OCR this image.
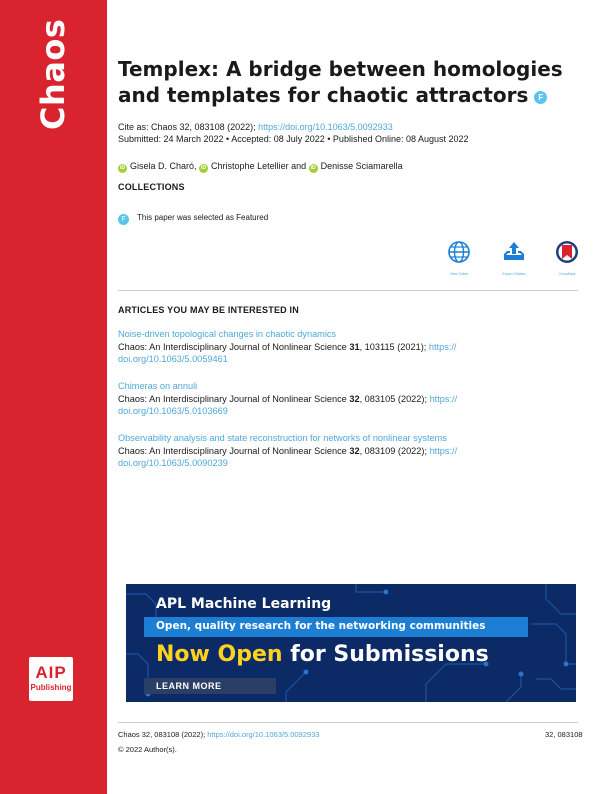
Chaos
AIP
Publishing
Templex: A bridge between homologies and templates for chaotic attractors F
Cite as: Chaos 32, 083108 (2022); https://doi.org/10.1063/5.0092933
Submitted: 24 March 2022 • Accepted: 08 July 2022 • Published Online: 08 August 2022
iD Gisela D. Charó, iD Christophe Letellier and iD Denisse Sciamarella
COLLECTIONS
F This paper was selected as Featured
View Online	Export Citation	CrossMark
ARTICLES YOU MAY BE INTERESTED IN
Noise-driven topological changes in chaotic dynamics
Chaos: An Interdisciplinary Journal of Nonlinear Science 31, 103115 (2021); https://
doi.org/10.1063/5.0059461
Chimeras on annuli
Chaos: An Interdisciplinary Journal of Nonlinear Science 32, 083105 (2022); https://
doi.org/10.1063/5.0103669
Observability analysis and state reconstruction for networks of nonlinear systems
Chaos: An Interdisciplinary Journal of Nonlinear Science 32, 083109 (2022); https://
doi.org/10.1063/5.0090239
APL Machine Learning
Open, quality research for the networking communities
Now Open for Submissions
LEARN MORE
Chaos 32, 083108 (2022); https://doi.org/10.1063/5.0092933	32, 083108
© 2022 Author(s).
